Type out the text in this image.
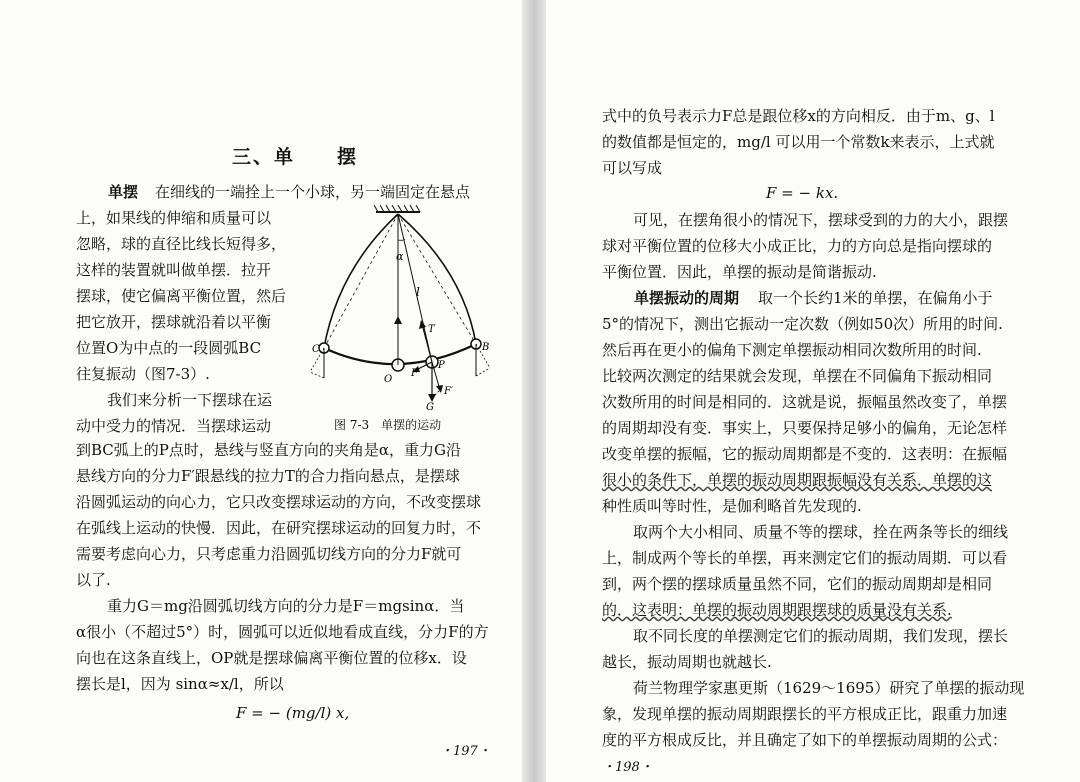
三、单　　摆
单摆 在细线的一端拴上一个小球，另一端固定在悬点
上，如果线的伸缩和质量可以
忽略，球的直径比线长短得多，
这样的装置就叫做单摆．拉开
摆球，使它偏离平衡位置，然后
把它放开，摆球就沿着以平衡
位置O为中点的一段圆弧BC
往复振动（图7-3）.
　我们来分析一下摆球在运
动中受力的情况．当摆球运动	图 7-3　单摆的运动
到BC弧上的P点时，悬线与竖直方向的夹角是α，重力G沿
悬线方向的分力F′跟悬线的拉力T的合力指向悬点，是摆球
沿圆弧运动的向心力，它只改变摆球运动的方向，不改变摆球
在弧线上运动的快慢．因此，在研究摆球运动的回复力时，不
需要考虑向心力，只考虑重力沿圆弧切线方向的分力F就可
以了.
　重力G＝mg沿圆弧切线方向的分力是F＝mgsinα．当
α很小（不超过5°）时，圆弧可以近似地看成直线，分力F的方
向也在这条直线上，OP就是摆球偏离平衡位置的位移x．设
摆长是l，因为 sinα≈x/l，所以
F = − (mg/l) x,
・197・
α
l
T
C
O
F
P
B
F′
G
式中的负号表示力F总是跟位移x的方向相反．由于m、g、l
的数值都是恒定的，mg/l 可以用一个常数k来表示，上式就
可以写成
F = − kx.
　可见，在摆角很小的情况下，摆球受到的力的大小，跟摆
球对平衡位置的位移大小成正比，力的方向总是指向摆球的
平衡位置．因此，单摆的振动是简谐振动.
单摆振动的周期 取一个长约1米的单摆，在偏角小于
5°的情况下，测出它振动一定次数（例如50次）所用的时间.
然后再在更小的偏角下测定单摆振动相同次数所用的时间.
比较两次测定的结果就会发现，单摆在不同偏角下振动相同
次数所用的时间是相同的．这就是说，振幅虽然改变了，单摆
的周期却没有变．事实上，只要保持足够小的偏角，无论怎样
改变单摆的振幅，它的振动周期都是不变的．这表明：在振幅
很小的条件下，单摆的振动周期跟振幅没有关系．单摆的这
种性质叫等时性，是伽利略首先发现的.
　取两个大小相同、质量不等的摆球，拴在两条等长的细线
上，制成两个等长的单摆，再来测定它们的振动周期．可以看
到，两个摆的摆球质量虽然不同，它们的振动周期却是相同
的．这表明：单摆的振动周期跟摆球的质量没有关系.
　取不同长度的单摆测定它们的振动周期，我们发现，摆长
越长，振动周期也就越长.
　荷兰物理学家惠更斯（1629～1695）研究了单摆的振动现
象，发现单摆的振动周期跟摆长的平方根成正比，跟重力加速
度的平方根成反比，并且确定了如下的单摆振动周期的公式：
・198・
